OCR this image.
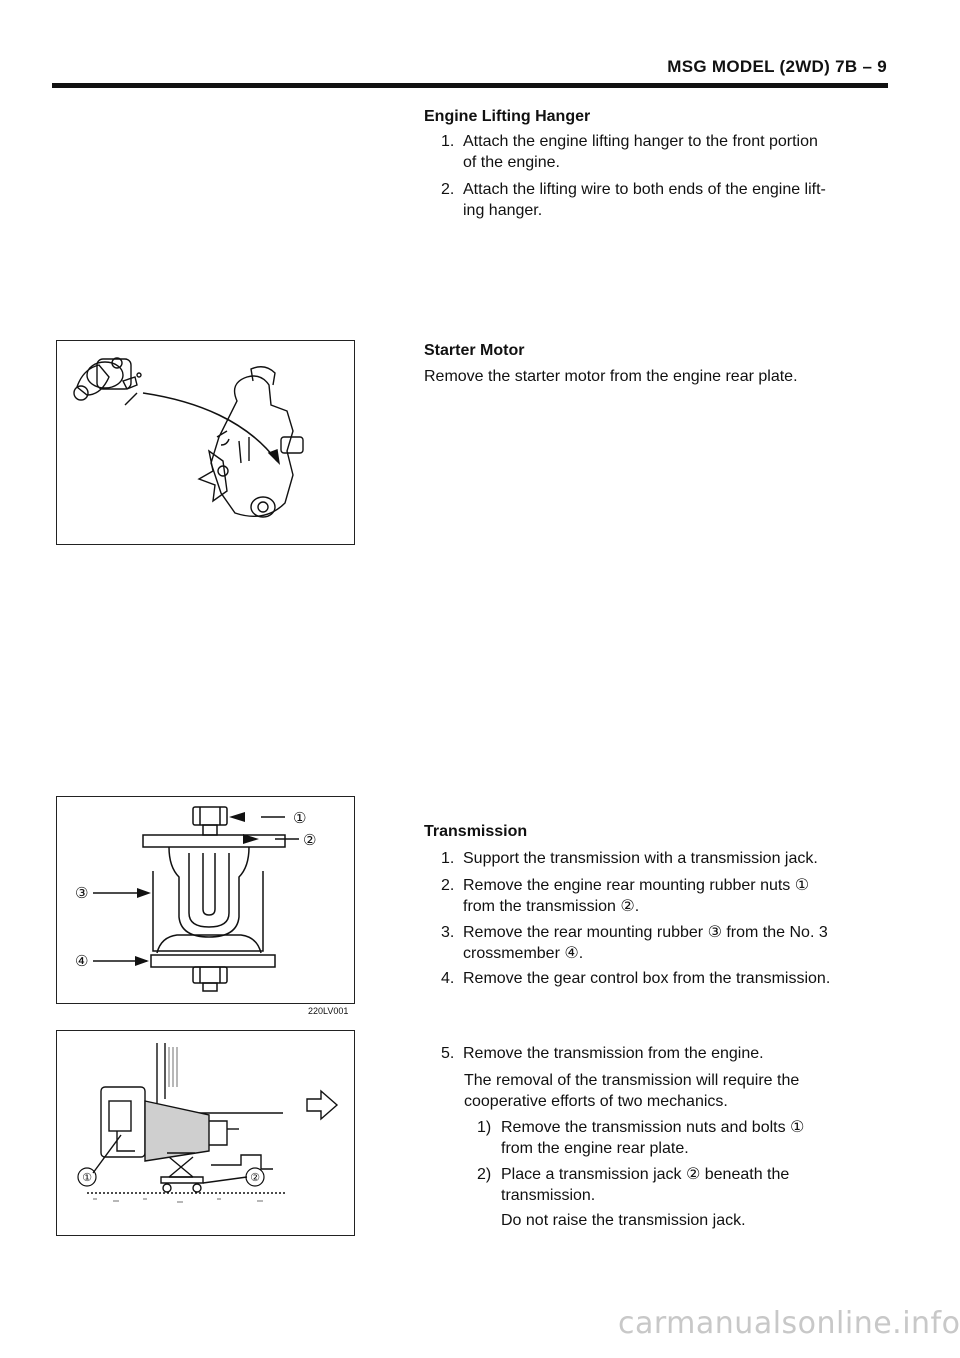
MSG MODEL (2WD) 7B – 9
Engine Lifting Hanger
1. Attach the engine lifting hanger to the front portion
of the engine.
2. Attach the lifting wire to both ends of the engine lift-
ing hanger.
Starter Motor
Remove the starter motor from the engine rear plate.
①
②
③
④
220LV001
①	②
Transmission
1. Support the transmission with a transmission jack.
2. Remove the engine rear mounting rubber nuts ①
from the transmission ②.
3. Remove the rear mounting rubber ③ from the No. 3
crossmember ④.
4. Remove the gear control box from the transmission.
5. Remove the transmission from the engine.
The removal of the transmission will require the
cooperative efforts of two mechanics.
1) Remove the transmission nuts and bolts ①
from the engine rear plate.
2) Place a transmission jack ② beneath the
transmission.
Do not raise the transmission jack.
carmanualsonline.info
